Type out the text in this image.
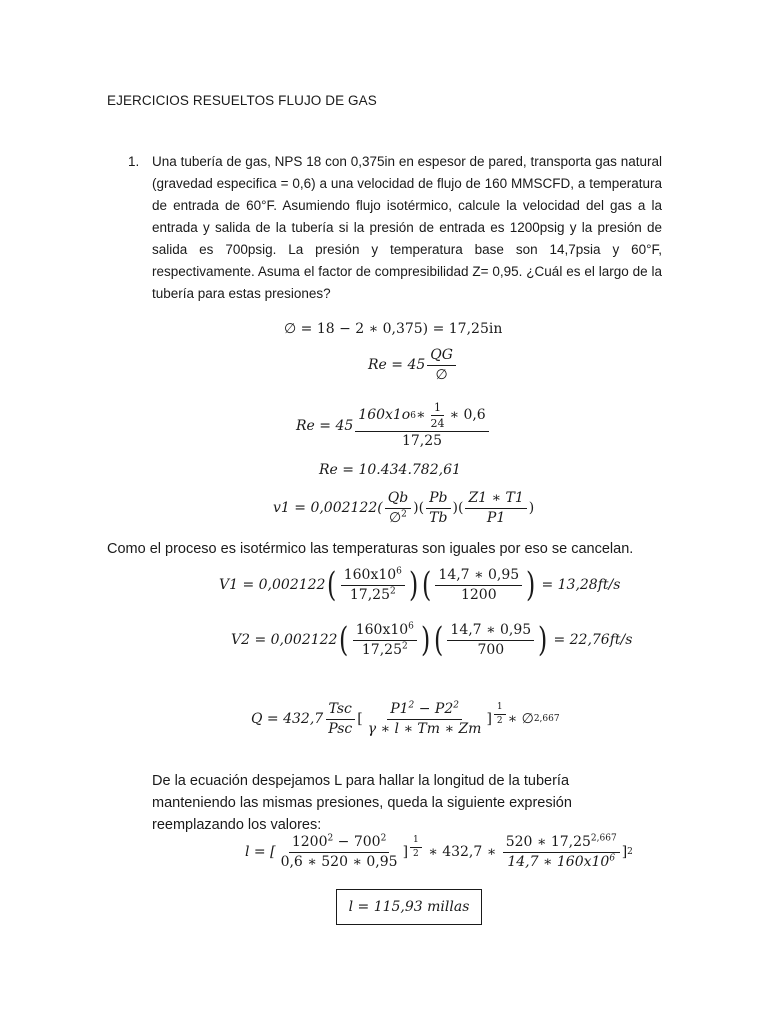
EJERCICIOS RESUELTOS FLUJO DE GAS
1. Una tubería de gas, NPS 18 con 0,375in en espesor de pared, transporta gas natural (gravedad especifica = 0,6) a una velocidad de flujo de 160 MMSCFD, a temperatura de entrada de 60°F. Asumiendo flujo isotérmico, calcule la velocidad del gas a la entrada y salida de la tubería si la presión de entrada es 1200psig y la presión de salida es 700psig. La presión y temperatura base son 14,7psia y 60°F, respectivamente. Asuma el factor de compresibilidad Z= 0,95. ¿Cuál es el largo de la tubería para estas presiones?
∅ = 18 − 2 ∗ 0,375) = 17,25in
$Re = 45 \frac{QG}{\emptyset}$
Re = 45
160x1o 6 ∗ $\frac{1}{24}$ ∗ 0,6
17,25
Re = 10.434.782,61
$v1 = 0,002122( \frac{Qb}{\emptyset^2}$ )( $\frac{Pb}{Tb}$ )( $\frac{Z1 ∗ T1}{P1}$ )
Como el proceso es isotérmico las temperaturas son iguales por eso se cancelan.
V1 = 0,002122 ( $\frac{160x10^6}{17,25^2}$ ) ( $\frac{14,7 ∗ 0,95}{1200}$ ) = 13,28ft/s
V2 = 0,002122 ( $\frac{160x10^6}{17,25^2}$ ) ( $\frac{14,7 ∗ 0,95}{700}$ ) = 22,76ft/s
$Q = 432,7 \frac{\text{Tsc}}{\text{Psc}}$ [ $\frac{P1^2 - P2^2}{\gamma ∗ l ∗ Tm ∗ Zm}$ ] $\frac{1}{2}$ ∗ ∅ 2,667
De la ecuación despejamos L para hallar la longitud de la tubería manteniendo las mismas presiones, queda la siguiente expresión reemplazando los valores:
l = [ $\frac{1200^2 - 700^2}{0,6 ∗ 520 ∗ 0,95}$ ] $\frac{1}{2}$ ∗ 432,7 ∗ $\frac{520 ∗ 17,25^{2,667}}{14,7 ∗ 160x10^6}$ ] 2
l = 115,93 millas
